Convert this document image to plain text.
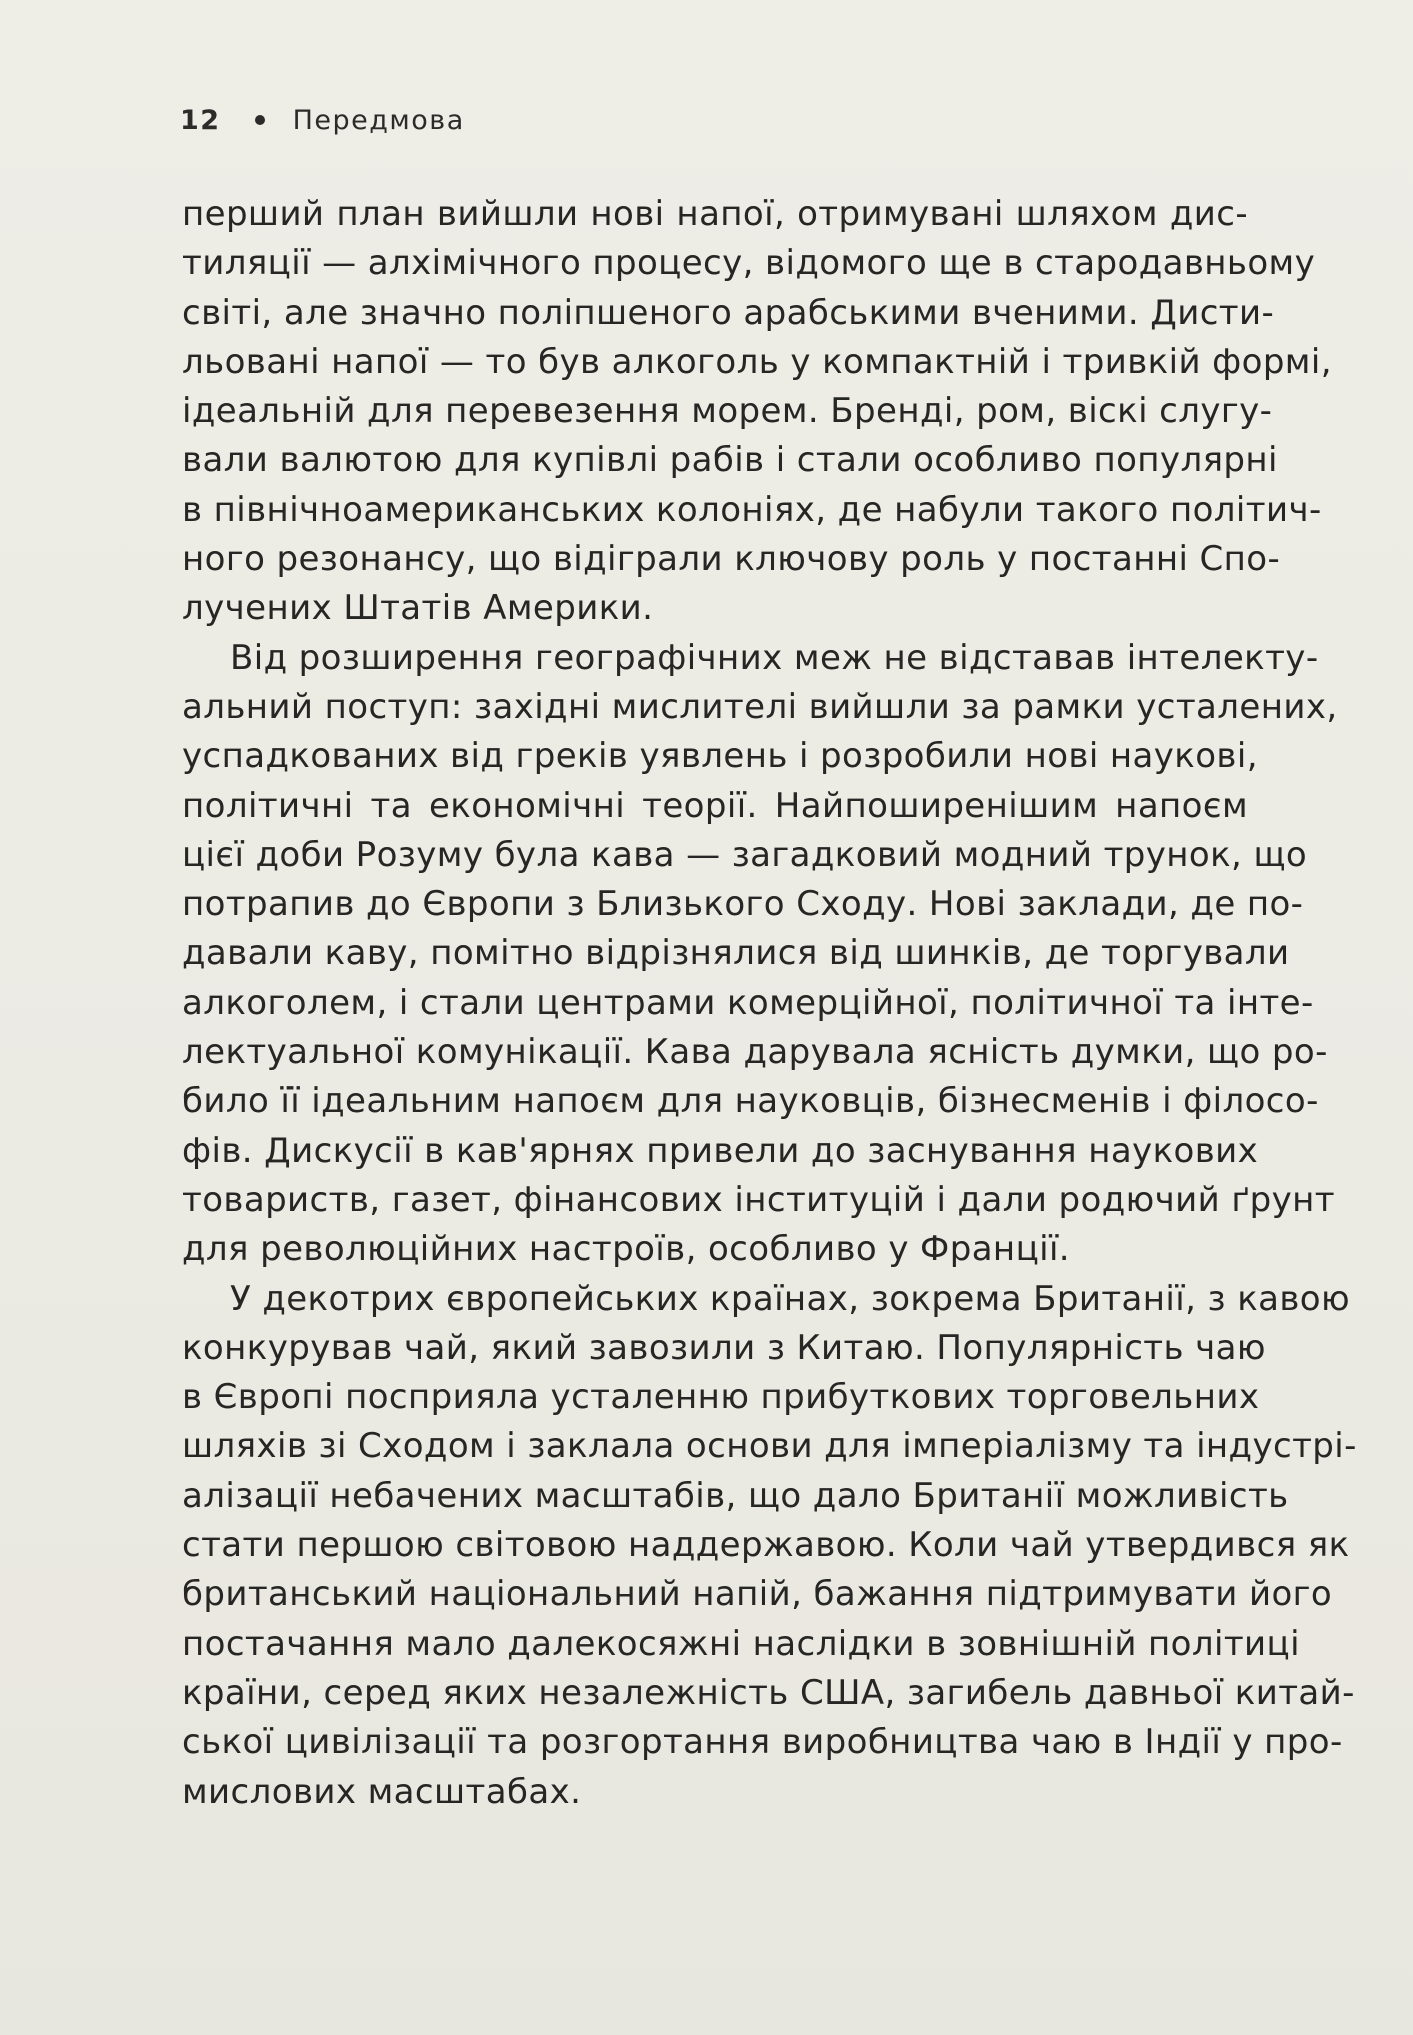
12	Передмова

перший план вийшли нові напої, отримувані шляхом дис-
тиляції — алхімічного процесу, відомого ще в стародавньому
світі, але значно поліпшеного арабськими вченими. Дисти-
льовані напої — то був алкоголь у компактній і тривкій формі,
ідеальній для перевезення морем. Бренді, ром, віскі слугу-
вали валютою для купівлі рабів і стали особливо популярні
в північноамериканських колоніях, де набули такого політич-
ного резонансу, що відіграли ключову роль у постанні Спо-
лучених Штатів Америки.

Від розширення географічних меж не відставав інтелекту-
альний поступ: західні мислителі вийшли за рамки усталених,
успадкованих від греків уявлень і розробили нові наукові,
політичні та економічні теорії. Найпоширенішим напоєм
цієї доби Розуму була кава — загадковий модний трунок, що
потрапив до Європи з Близького Сходу. Нові заклади, де по-
давали каву, помітно відрізнялися від шинків, де торгували
алкоголем, і стали центрами комерційної, політичної та інте-
лектуальної комунікації. Кава дарувала ясність думки, що ро-
било її ідеальним напоєм для науковців, бізнесменів і філосо-
фів. Дискусії в кав'ярнях привели до заснування наукових
товариств, газет, фінансових інституцій і дали родючий ґрунт
для революційних настроїв, особливо у Франції.

У декотрих європейських країнах, зокрема Британії, з кавою
конкурував чай, який завозили з Китаю. Популярність чаю
в Європі посприяла усталенню прибуткових торговельних
шляхів зі Сходом і заклала основи для імперіалізму та індустрі-
алізації небачених масштабів, що дало Британії можливість
стати першою світовою наддержавою. Коли чай утвердився як
британський національний напій, бажання підтримувати його
постачання мало далекосяжні наслідки в зовнішній політиці
країни, серед яких незалежність США, загибель давньої китай-
ської цивілізації та розгортання виробництва чаю в Індії у про-
мислових масштабах.
